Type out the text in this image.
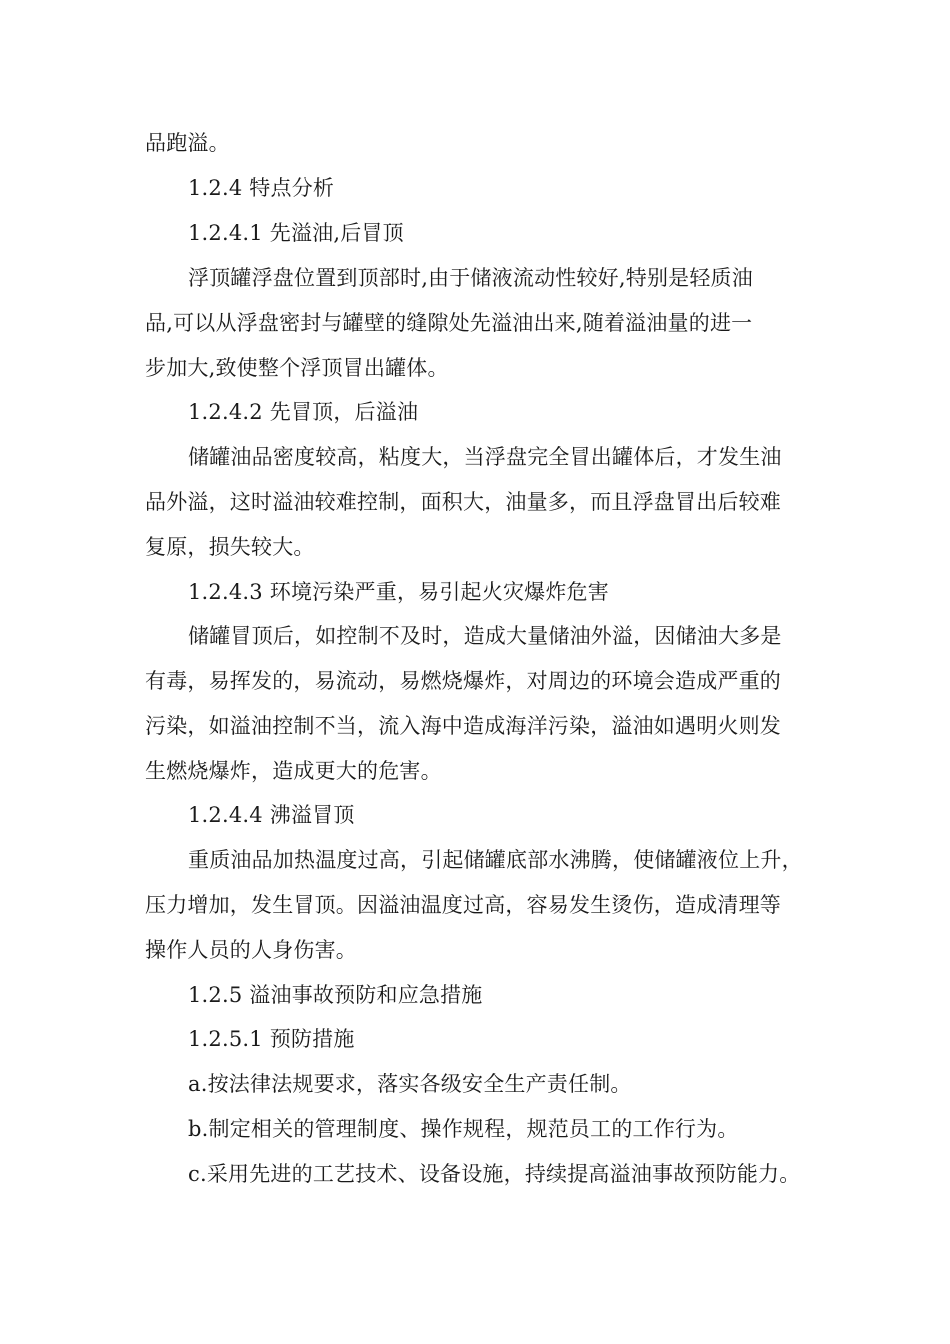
品跑溢。
1.2.4 特点分析
1.2.4.1 先溢油,后冒顶
浮顶罐浮盘位置到顶部时,由于储液流动性较好,特别是轻质油
品,可以从浮盘密封与罐壁的缝隙处先溢油出来,随着溢油量的进一
步加大,致使整个浮顶冒出罐体。
1.2.4.2 先冒顶，后溢油
储罐油品密度较高，粘度大，当浮盘完全冒出罐体后，才发生油
品外溢，这时溢油较难控制，面积大，油量多，而且浮盘冒出后较难
复原，损失较大。
1.2.4.3 环境污染严重，易引起火灾爆炸危害
储罐冒顶后，如控制不及时，造成大量储油外溢，因储油大多是
有毒，易挥发的，易流动，易燃烧爆炸，对周边的环境会造成严重的
污染，如溢油控制不当，流入海中造成海洋污染，溢油如遇明火则发
生燃烧爆炸，造成更大的危害。
1.2.4.4 沸溢冒顶
重质油品加热温度过高，引起储罐底部水沸腾，使储罐液位上升，
压力增加，发生冒顶。因溢油温度过高，容易发生烫伤，造成清理等
操作人员的人身伤害。
1.2.5 溢油事故预防和应急措施
1.2.5.1 预防措施
a.按法律法规要求，落实各级安全生产责任制。
b.制定相关的管理制度、操作规程，规范员工的工作行为。
c.采用先进的工艺技术、设备设施，持续提高溢油事故预防能力。
